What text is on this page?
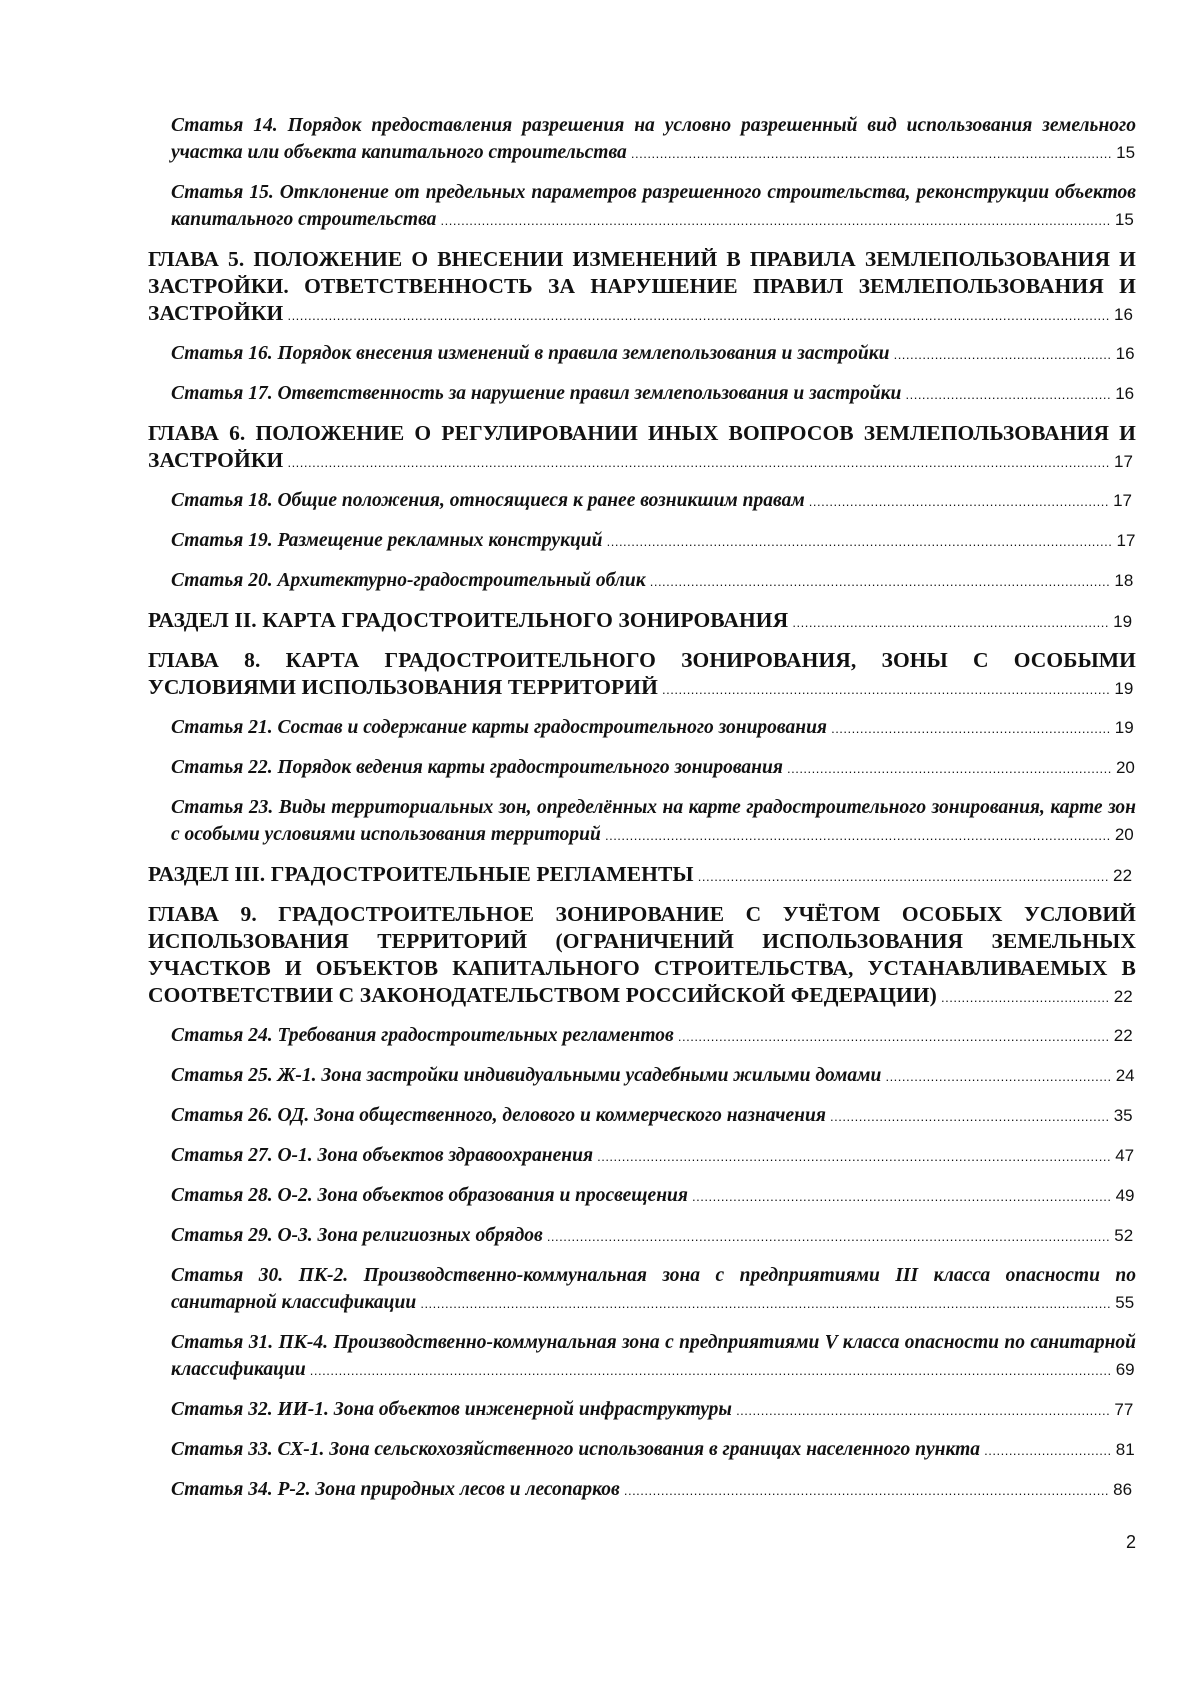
Статья 14. Порядок предоставления разрешения на условно разрешенный вид использования земельного участка или объекта капитального строительства ..................................................................................................................... 15

Статья 15. Отклонение от предельных параметров разрешенного строительства, реконструкции объектов капитального строительства ................................................................................................................................................................... 15

ГЛАВА 5. ПОЛОЖЕНИЕ О ВНЕСЕНИИ ИЗМЕНЕНИЙ В ПРАВИЛА ЗЕМЛЕПОЛЬЗОВАНИЯ И ЗАСТРОЙКИ. ОТВЕТСТВЕННОСТЬ ЗА НАРУШЕНИЕ ПРАВИЛ ЗЕМЛЕПОЛЬЗОВАНИЯ И ЗАСТРОЙКИ ........................................................................................................................................................................................................ 16

Статья 16. Порядок внесения изменений в правила землепользования и застройки ..................................................... 16

Статья 17. Ответственность за нарушение правил землепользования и застройки .................................................. 16

ГЛАВА 6. ПОЛОЖЕНИЕ О РЕГУЛИРОВАНИИ ИНЫХ ВОПРОСОВ ЗЕМЛЕПОЛЬЗОВАНИЯ И ЗАСТРОЙКИ ........................................................................................................................................................................................................ 17

Статья 18. Общие положения, относящиеся к ранее возникшим правам ......................................................................... 17

Статья 19. Размещение рекламных конструкций ........................................................................................................................... 17

Статья 20. Архитектурно-градостроительный облик ................................................................................................................ 18

РАЗДЕЛ II. КАРТА ГРАДОСТРОИТЕЛЬНОГО ЗОНИРОВАНИЯ ............................................................................. 19

ГЛАВА 8. КАРТА ГРАДОСТРОИТЕЛЬНОГО ЗОНИРОВАНИЯ, ЗОНЫ С ОСОБЫМИ УСЛОВИЯМИ ИСПОЛЬЗОВАНИЯ ТЕРРИТОРИЙ ............................................................................................................. 19

Статья 21. Состав и содержание карты градостроительного зонирования .................................................................... 19

Статья 22. Порядок ведения карты градостроительного зонирования ............................................................................... 20

Статья 23. Виды территориальных зон, определённых на карте градостроительного зонирования, карте зон с особыми условиями использования территорий ........................................................................................................................... 20

РАЗДЕЛ III. ГРАДОСТРОИТЕЛЬНЫЕ РЕГЛАМЕНТЫ .................................................................................................... 22

ГЛАВА 9. ГРАДОСТРОИТЕЛЬНОЕ ЗОНИРОВАНИЕ С УЧЁТОМ ОСОБЫХ УСЛОВИЙ ИСПОЛЬЗОВАНИЯ ТЕРРИТОРИЙ (ОГРАНИЧЕНИЙ ИСПОЛЬЗОВАНИЯ ЗЕМЕЛЬНЫХ УЧАСТКОВ И ОБЪЕКТОВ КАПИТАЛЬНОГО СТРОИТЕЛЬСТВА, УСТАНАВЛИВАЕМЫХ В СООТВЕТСТВИИ С ЗАКОНОДАТЕЛЬСТВОМ РОССИЙСКОЙ ФЕДЕРАЦИИ) ......................................... 22

Статья 24. Требования градостроительных регламентов ......................................................................................................... 22

Статья 25. Ж-1. Зона застройки индивидуальными усадебными жилыми домами ....................................................... 24

Статья 26. ОД. Зона общественного, делового и коммерческого назначения .................................................................... 35

Статья 27. О-1. Зона объектов здравоохранения ............................................................................................................................. 47

Статья 28. О-2. Зона объектов образования и просвещения ...................................................................................................... 49

Статья 29. О-3. Зона религиозных обрядов ......................................................................................................................................... 52

Статья 30. ПК-2. Производственно-коммунальная зона с предприятиями III класса опасности по санитарной классификации ........................................................................................................................................................................ 55

Статья 31. ПК-4. Производственно-коммунальная зона с предприятиями V класса опасности по санитарной классификации ................................................................................................................................................................................................... 69

Статья 32. ИИ-1. Зона объектов инженерной инфраструктуры ........................................................................................... 77

Статья 33. СХ-1. Зона сельскохозяйственного использования в границах населенного пункта ............................... 81

Статья 34. Р-2. Зона природных лесов и лесопарков ...................................................................................................................... 86

2
